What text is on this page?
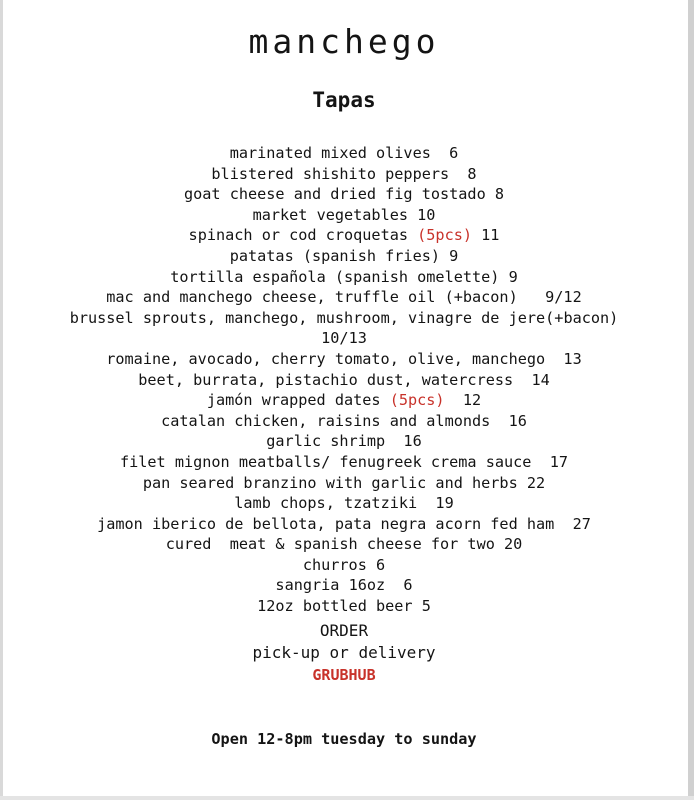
manchego
Tapas
marinated mixed olives  6
blistered shishito peppers  8
goat cheese and dried fig tostado 8
market vegetables 10
spinach or cod croquetas (5pcs) 11
patatas (spanish fries) 9
tortilla española (spanish omelette) 9
mac and manchego cheese, truffle oil (+bacon)   9/12
brussel sprouts, manchego, mushroom, vinagre de jere(+bacon)
10/13
romaine, avocado, cherry tomato, olive, manchego  13
beet, burrata, pistachio dust, watercress  14
jamón wrapped dates (5pcs)  12
catalan chicken, raisins and almonds  16
garlic shrimp  16
filet mignon meatballs/ fenugreek crema sauce  17
pan seared branzino with garlic and herbs 22
lamb chops, tzatziki  19
jamon iberico de bellota, pata negra acorn fed ham  27
cured  meat & spanish cheese for two 20
churros 6
sangria 16oz  6
12oz bottled beer 5
ORDER
pick-up or delivery
GRUBHUB
Open 12-8pm tuesday to sunday
